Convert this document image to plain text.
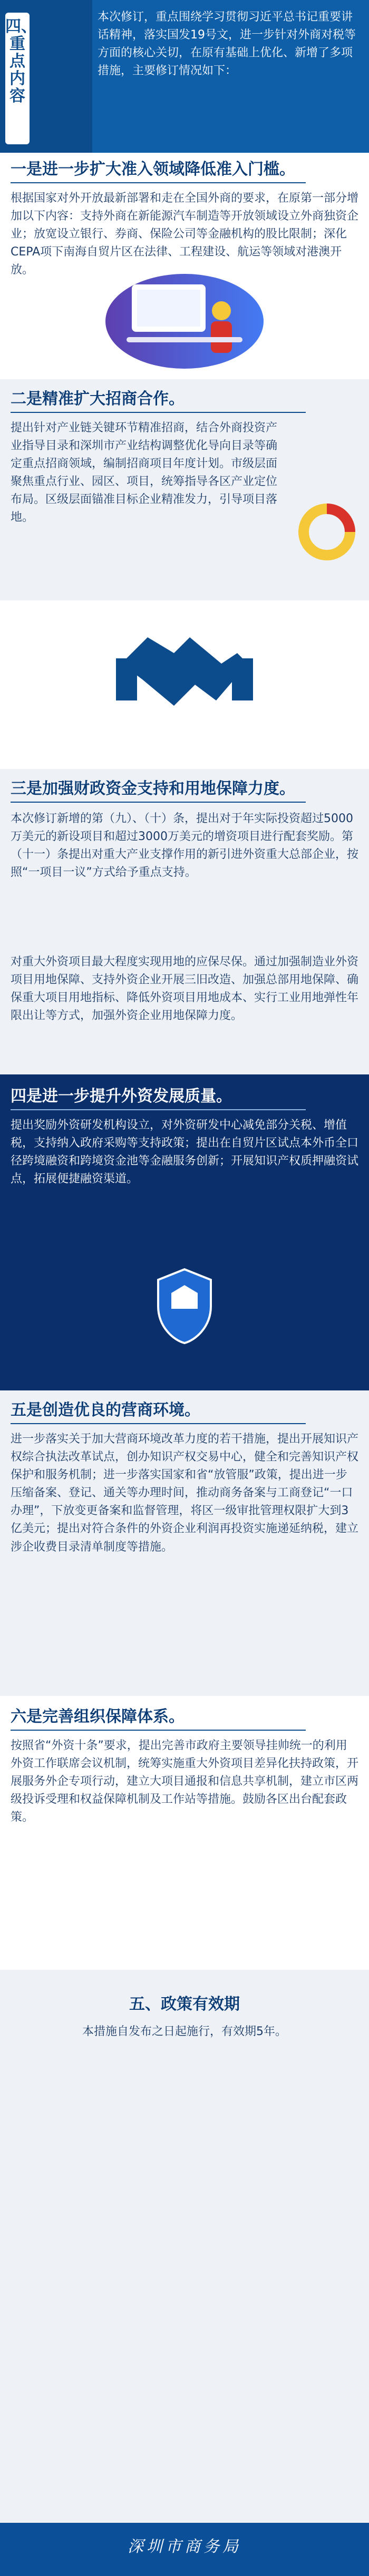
四、重点内容
本次修订，重点围绕学习贯彻习近平总书记重要讲话精神，落实国发19号文，进一步针对外商对税等方面的核心关切，在原有基础上优化、新增了多项措施，主要修订情况如下：
一是进一步扩大准入领域降低准入门槛。
根据国家对外开放最新部署和走在全国外商的要求，在原第一部分增加以下内容：支持外商在新能源汽车制造等开放领域设立外商独资企业；放宽设立银行、券商、保险公司等金融机构的股比限制；深化CEPA项下南海自贸片区在法律、工程建设、航运等领域对港澳开放。
二是精准扩大招商合作。
提出针对产业链关键环节精准招商，结合外商投资产业指导目录和深圳市产业结构调整优化导向目录等确定重点招商领域，编制招商项目年度计划。市级层面聚焦重点行业、园区、项目，统筹指导各区产业定位布局。区级层面锚准目标企业精准发力，引导项目落地。
三是加强财政资金支持和用地保障力度。
本次修订新增的第（九）、（十）条，提出对于年实际投资超过5000万美元的新设项目和超过3000万美元的增资项目进行配套奖励。第（十一）条提出对重大产业支撑作用的新引进外资重大总部企业，按照“一项目一议”方式给予重点支持。
对重大外资项目最大程度实现用地的应保尽保。通过加强制造业外资项目用地保障、支持外资企业开展三旧改造、加强总部用地保障、确保重大项目用地指标、降低外资项目用地成本、实行工业用地弹性年限出让等方式，加强外资企业用地保障力度。
四是进一步提升外资发展质量。
提出奖励外资研发机构设立，对外资研发中心减免部分关税、增值税，支持纳入政府采购等支持政策；提出在自贸片区试点本外币全口径跨境融资和跨境资金池等金融服务创新；开展知识产权质押融资试点，拓展便捷融资渠道。
五是创造优良的营商环境。
进一步落实关于加大营商环境改革力度的若干措施，提出开展知识产权综合执法改革试点，创办知识产权交易中心，健全和完善知识产权保护和服务机制；进一步落实国家和省“放管服”政策，提出进一步压缩备案、登记、通关等办理时间，推动商务备案与工商登记“一口办理”，下放变更备案和监督管理，将区一级审批管理权限扩大到3亿美元；提出对符合条件的外资企业利润再投资实施递延纳税，建立涉企收费目录清单制度等措施。
六是完善组织保障体系。
按照省“外资十条”要求，提出完善市政府主要领导挂帅统一的利用外资工作联席会议机制，统筹实施重大外资项目差异化扶持政策，开展服务外企专项行动，建立大项目通报和信息共享机制，建立市区两级投诉受理和权益保障机制及工作站等措施。鼓励各区出台配套政策。
五、政策有效期
本措施自发布之日起施行，有效期5年。
深圳市商务局
